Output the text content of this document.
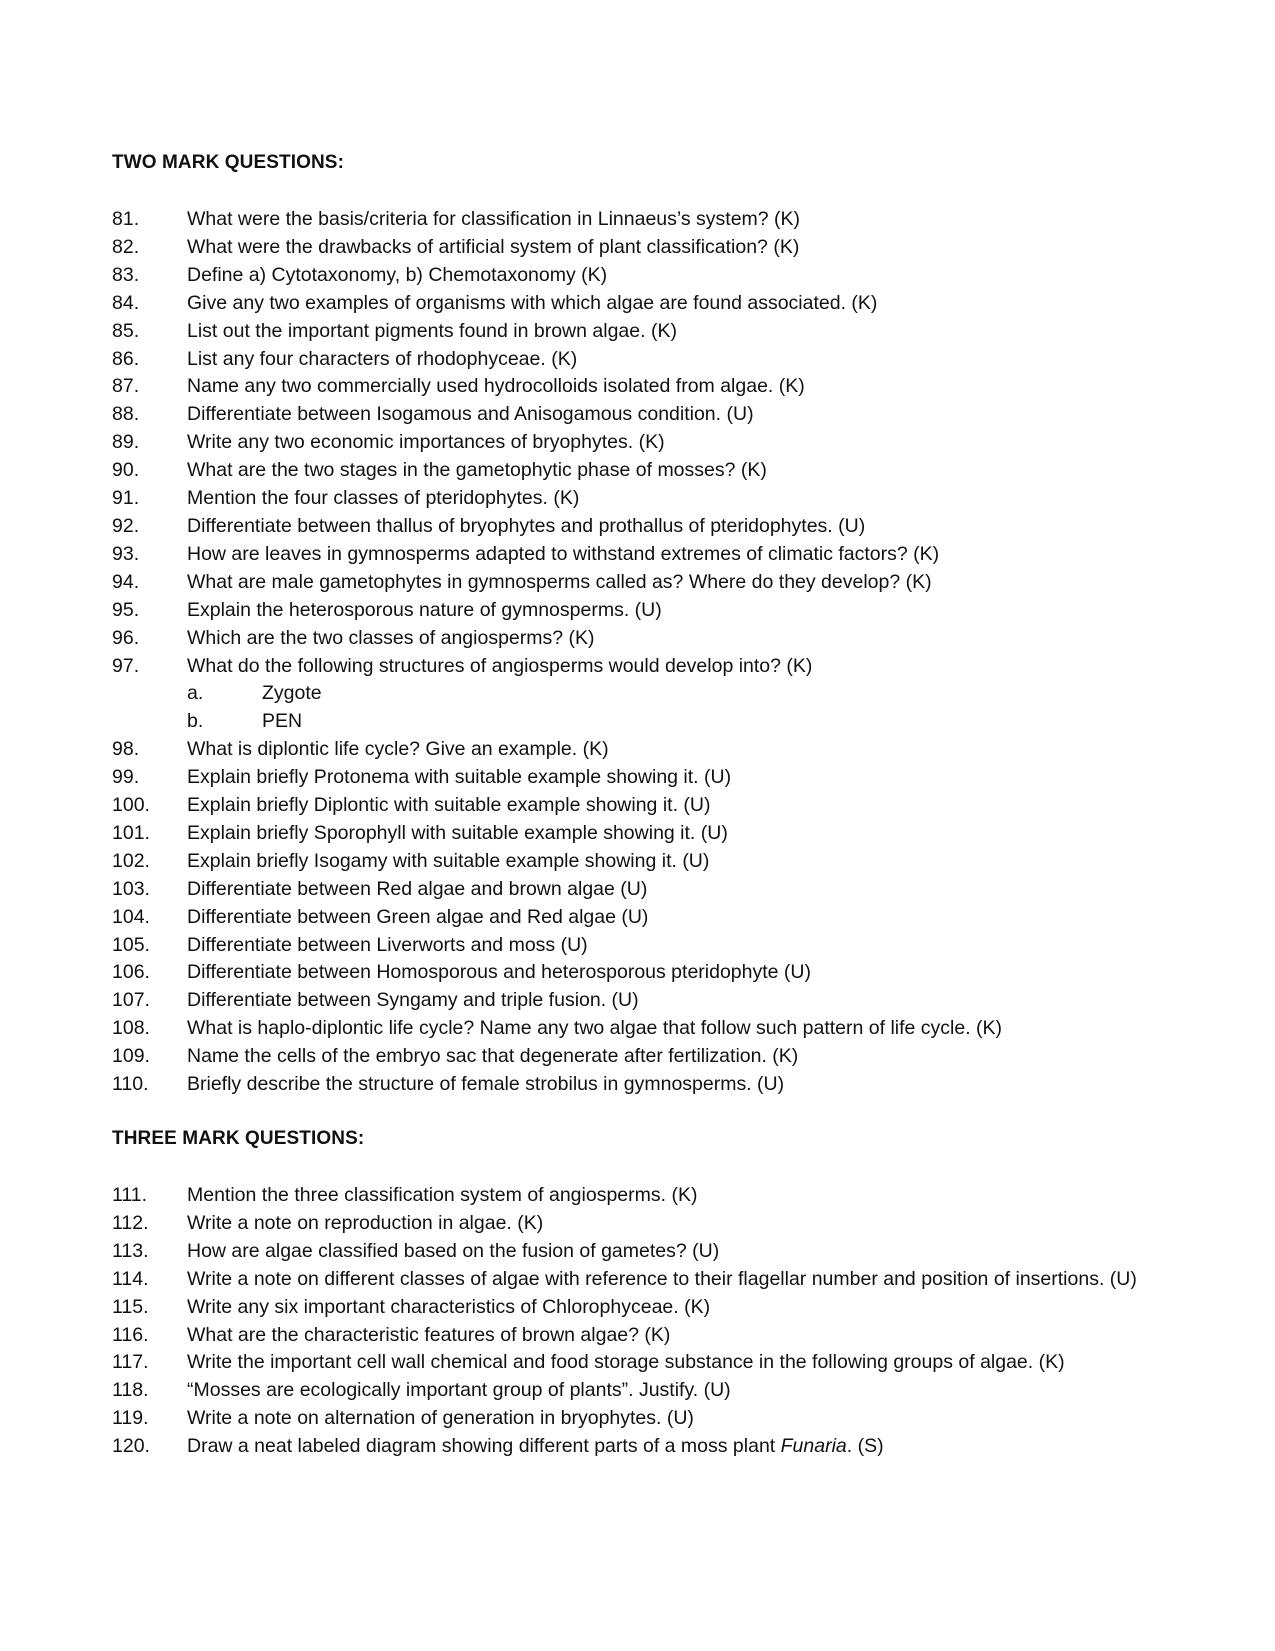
TWO MARK QUESTIONS:
81. What were the basis/criteria for classification in Linnaeus’s system? (K)
82. What were the drawbacks of artificial system of plant classification? (K)
83. Define a) Cytotaxonomy, b) Chemotaxonomy (K)
84. Give any two examples of organisms with which algae are found associated. (K)
85. List out the important pigments found in brown algae. (K)
86. List any four characters of rhodophyceae. (K)
87. Name any two commercially used hydrocolloids isolated from algae. (K)
88. Differentiate between Isogamous and Anisogamous condition. (U)
89. Write any two economic importances of bryophytes. (K)
90. What are the two stages in the gametophytic phase of mosses? (K)
91. Mention the four classes of pteridophytes. (K)
92. Differentiate between thallus of bryophytes and prothallus of pteridophytes. (U)
93. How are leaves in gymnosperms adapted to withstand extremes of climatic factors? (K)
94. What are male gametophytes in gymnosperms called as? Where do they develop? (K)
95. Explain the heterosporous nature of gymnosperms. (U)
96. Which are the two classes of angiosperms? (K)
97. What do the following structures of angiosperms would develop into? (K)
a.	Zygote
b.	PEN
98. What is diplontic life cycle? Give an example. (K)
99. Explain briefly Protonema with suitable example showing it. (U)
100. Explain briefly Diplontic with suitable example showing it. (U)
101. Explain briefly Sporophyll with suitable example showing it. (U)
102. Explain briefly Isogamy with suitable example showing it. (U)
103. Differentiate between Red algae and brown algae (U)
104. Differentiate between Green algae and Red algae (U)
105. Differentiate between Liverworts and moss (U)
106. Differentiate between Homosporous and heterosporous pteridophyte (U)
107. Differentiate between Syngamy and triple fusion. (U)
108. What is haplo-diplontic life cycle? Name any two algae that follow such pattern of life cycle. (K)
109. Name the cells of the embryo sac that degenerate after fertilization. (K)
110. Briefly describe the structure of female strobilus in gymnosperms. (U)
THREE MARK QUESTIONS:
111. Mention the three classification system of angiosperms. (K)
112. Write a note on reproduction in algae. (K)
113. How are algae classified based on the fusion of gametes? (U)
114. Write a note on different classes of algae with reference to their flagellar number and position of insertions. (U)
115. Write any six important characteristics of Chlorophyceae. (K)
116. What are the characteristic features of brown algae? (K)
117. Write the important cell wall chemical and food storage substance in the following groups of algae. (K)
118. “Mosses are ecologically important group of plants”. Justify. (U)
119. Write a note on alternation of generation in bryophytes. (U)
120. Draw a neat labeled diagram showing different parts of a moss plant Funaria. (S)
